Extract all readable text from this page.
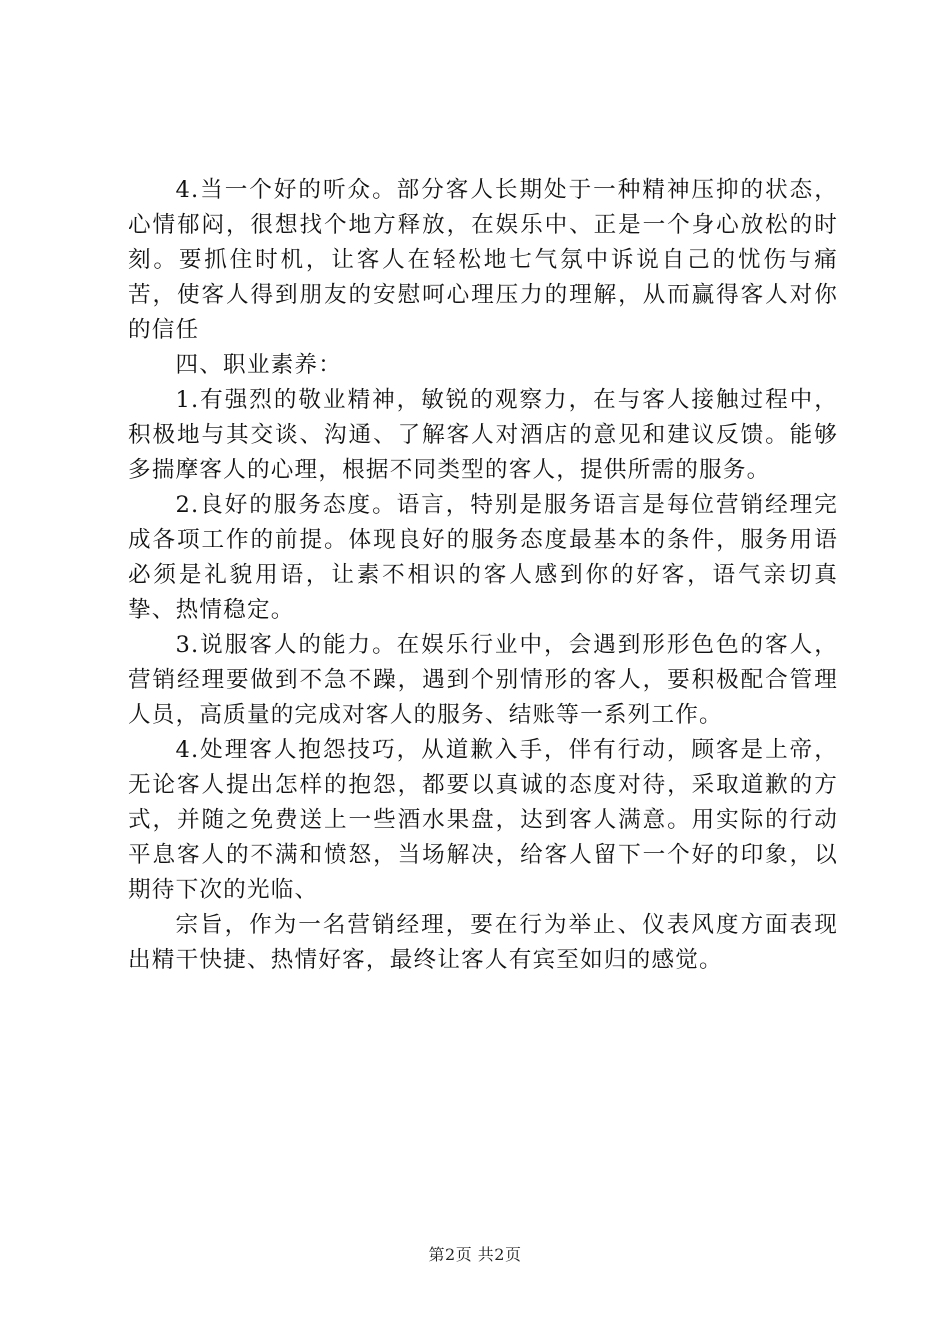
4.当一个好的听众。部分客人长期处于一种精神压抑的状态，心情郁闷，很想找个地方释放，在娱乐中、正是一个身心放松的时刻。要抓住时机，让客人在轻松地七气氛中诉说自己的忧伤与痛苦，使客人得到朋友的安慰呵心理压力的理解，从而赢得客人对你的信任

四、职业素养：

1.有强烈的敬业精神，敏锐的观察力，在与客人接触过程中，积极地与其交谈、沟通、了解客人对酒店的意见和建议反馈。能够多揣摩客人的心理，根据不同类型的客人，提供所需的服务。

2.良好的服务态度。语言，特别是服务语言是每位营销经理完成各项工作的前提。体现良好的服务态度最基本的条件，服务用语必须是礼貌用语，让素不相识的客人感到你的好客，语气亲切真挚、热情稳定。

3.说服客人的能力。在娱乐行业中，会遇到形形色色的客人，营销经理要做到不急不躁，遇到个别情形的客人，要积极配合管理人员，高质量的完成对客人的服务、结账等一系列工作。

4.处理客人抱怨技巧，从道歉入手，伴有行动，顾客是上帝，无论客人提出怎样的抱怨，都要以真诚的态度对待，采取道歉的方式，并随之免费送上一些酒水果盘，达到客人满意。用实际的行动平息客人的不满和愤怒，当场解决，给客人留下一个好的印象，以期待下次的光临、

宗旨，作为一名营销经理，要在行为举止、仪表风度方面表现出精干快捷、热情好客，最终让客人有宾至如归的感觉。

第2页 共2页
